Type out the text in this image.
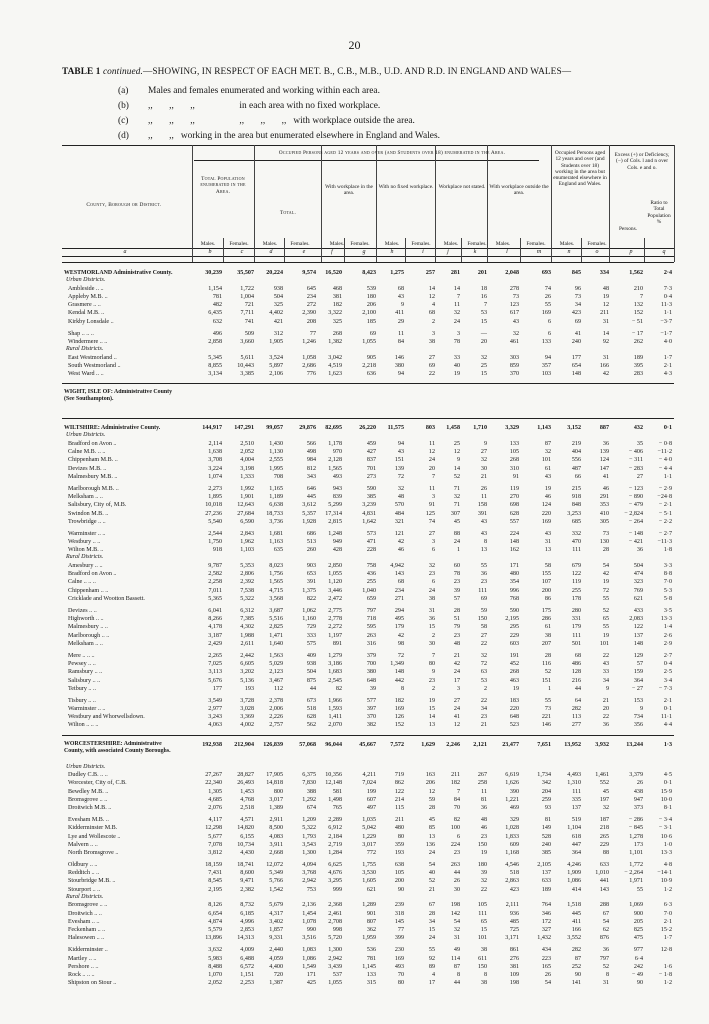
20
TABLE 1 continued.—SHOWING, IN RESPECT OF EACH MET. B., C.B., M.B., U.D. AND R.D. IN ENGLAND AND WALES—
(a) Males and females enumerated and working within each area.
(b) ,,       ,,       ,,                   in each area with no fixed workplace.
(c) ,,       ,,       ,,                   ,,       ,,       ,,   with workplace outside the area.
(d) ,,       ,,   working in the area but enumerated elsewhere in England and Wales.
WESTMORLAND Administrative County.	30,239	35,507	20,224	9,574	16,520	8,423	1,275	257	281	201	2,048	693	845	334	1,562	2·4
Urban Districts.
Ambleside .. ..	1,154	1,722	938	645	468	539	68	14	14	18	278	74	96	48	210	7·3
Appleby M.B. ..	781	1,004	504	234	381	180	43	12	7	16	73	26	73	19	7	0·4
Grasmere .. ..	482	721	325	272	182	206	9	4	11	7	123	55	34	12	132	11·3
Kendal M.B. ..	6,435	7,711	4,402	2,390	3,322	2,100	411	68	32	53	617	169	423	211	152	1·1
Kirkby Lonsdale ..	632	741	421	208	325	185	29	2	24	15	43	6	69	31	− 51	−3·7
Shap .. .. ..	496	509	312	77	268	69	11	3	3	—	32	6	41	14	− 17	−1·7
Windermere .. ..	2,858	3,660	1,905	1,246	1,382	1,055	84	38	78	20	461	133	240	92	262	4·0
Rural Districts.
East Westmorland ..	5,345	5,611	3,524	1,058	3,042	905	146	27	33	32	303	94	177	31	189	1·7
South Westmorland ..	8,855	10,443	5,897	2,686	4,519	2,218	380	69	40	25	859	357	654	166	395	2·1
West Ward .. ..	3,134	3,385	2,106	776	1,623	636	94	22	19	15	370	103	148	42	283	4·3
WIGHT, ISLE OF: Administrative County (See Southampton).
WILTSHIRE: Administrative County.	144,917	147,291	99,057	29,876	82,695	26,220	11,575	803	1,458	1,710	3,329	1,143	3,152	887	432	0·1
Urban Districts.
Bradford on Avon ..	2,114	2,510	1,430	566	1,178	459	94	11	25	9	133	87	219	36	35	− 0·8
Calne M.B. .. ..	1,638	2,052	1,130	498	970	427	43	12	12	27	105	32	404	139	− 406	−11·2
Chippenham M.B. ..	3,708	4,004	2,555	984	2,128	837	151	24	9	32	268	101	556	124	− 311	− 4·0
Devizes M.B. ..	3,224	3,198	1,995	812	1,565	701	139	20	14	30	310	61	487	147	− 283	− 4·4
Malmesbury M.B. ..	1,074	1,333	708	343	493	273	72	7	52	21	91	43	66	41	27	1·1
Marlborough M.B. ..	2,273	1,992	1,165	646	943	590	32	11	71	26	119	19	215	46	− 123	− 2·9
Melksham .. ..	1,895	1,901	1,189	445	839	385	48	3	32	11	270	46	918	291	− 890	−24·8
Salisbury, City of, M.B.	10,018	12,643	6,638	3,612	5,299	3,239	570	91	71	158	698	124	848	353	− 479	− 2·1
Swindon M.B. ..	27,236	27,684	18,733	5,357	17,314	4,831	484	125	307	391	628	220	3,253	410	− 2,824	− 5·1
Trowbridge .. ..	5,540	6,590	3,736	1,928	2,815	1,642	321	74	45	43	557	169	685	305	− 264	− 2·2
Warminster .. ..	2,544	2,843	1,681	686	1,248	573	121	27	88	43	224	43	332	73	− 148	− 2·7
Westbury .. ..	1,750	1,962	1,163	513	949	471	42	3	24	8	148	31	470	130	− 421	−11·3
Wilton M.B. ..	918	1,103	635	260	428	228	46	6	1	13	162	13	111	28	36	1·8
Rural Districts.
Amesbury .. ..	9,787	5,353	8,023	903	2,850	758	4,942	32	60	55	171	58	679	54	504	3·3
Bradford on Avon ..	2,582	2,806	1,756	653	1,055	436	143	23	78	36	480	155	122	42	474	8·8
Calne .. .. ..	2,258	2,392	1,565	391	1,120	255	68	6	23	23	354	107	119	19	323	7·0
Chippenham .. ..	7,011	7,538	4,715	1,375	3,446	1,040	234	24	39	111	996	200	255	72	769	5·3
Cricklade and Wootton Bassett.	5,365	5,322	3,568	822	2,472	659	271	38	57	69	768	86	178	55	621	5·8
Devizes .. ..	6,041	6,312	3,687	1,062	2,775	797	294	31	28	59	590	175	280	52	433	3·5
Highworth .. ..	8,266	7,385	5,516	1,160	2,778	718	495	36	51	150	2,195	286	331	65	2,083	13·3
Malmesbury .. ..	4,178	4,302	2,825	729	2,272	595	179	15	79	58	295	61	179	55	122	1·4
Marlborough .. ..	3,187	1,988	1,471	333	1,197	263	42	2	23	27	229	38	111	19	137	2·6
Melksham .. ..	2,429	2,611	1,640	575	891	316	98	30	48	22	603	207	501	101	148	2·9
Mere .. .. ..	2,265	2,442	1,563	409	1,279	379	72	7	21	32	191	28	68	22	129	2·7
Pewsey .. ..	7,025	6,605	5,029	938	3,186	700	1,349	80	42	72	452	116	486	43	57	0·4
Ramsbury .. ..	3,113	3,202	2,123	504	1,683	380	148	9	24	63	268	52	128	33	159	2·5
Salisbury .. ..	5,676	5,136	3,467	875	2,545	648	442	23	17	53	463	151	216	34	364	3·4
Tetbury .. ..	177	193	112	44	82	39	8	2	3	2	19	1	44	9	− 27	− 7·3
Tisbury .. ..	3,549	3,728	2,378	673	1,966	577	182	19	27	22	183	55	64	21	153	2·1
Warminster .. ..	2,977	3,028	2,006	518	1,593	397	169	15	24	34	220	73	282	20	9	0·1
Westbury and Whorwellsdown.	3,243	3,369	2,226	628	1,411	370	126	14	41	23	648	221	113	22	734	11·1
Wilton .. .. ..	4,063	4,002	2,757	562	2,070	382	152	13	12	21	523	146	277	36	356	4·4
WORCESTERSHIRE: Administrative County, with associated County Boroughs.
192,938	212,904	126,839	57,068	96,044	45,667	7,572	1,629	2,246	2,121	23,477	7,651	13,952	3,932	13,244	1·3
Urban Districts.
Dudley C.B. .. ..	27,267	28,827	17,905	6,375	10,356	4,211	719	163	211	267	6,619	1,734	4,493	1,461	3,379	4·5
Worcester, City of, C.B.	22,340	26,493	14,818	7,830	12,148	7,024	862	206	182	258	1,626	342	1,310	552	26	0·1
Bewdley M.B. ..	1,305	1,453	800	388	581	199	122	12	7	11	390	204	111	45	438	15·9
Bromsgrove .. ..	4,685	4,768	3,017	1,292	1,498	607	214	59	84	81	1,221	259	335	197	947	10·0
Droitwich M.B. ..	2,076	2,518	1,389	674	765	497	115	28	70	36	469	93	137	32	373	8·1
Evesham M.B. ..	4,117	4,571	2,911	1,209	2,289	1,035	211	45	82	48	329	81	519	187	− 286	− 3·4
Kidderminster M.B.	12,298	14,820	8,500	5,322	6,912	5,042	480	85	100	46	1,028	149	1,104	218	− 845	− 3·1
Lye and Wollescote ..	5,677	6,155	4,083	1,793	2,184	1,229	80	13	6	23	1,833	528	618	265	1,278	10·6
Malvern .. ..	7,078	10,734	3,911	3,543	2,719	3,017	359	136	224	150	609	240	447	229	173	1·0
North Bromsgrove ..	3,812	4,430	2,668	1,300	1,284	772	193	24	23	19	1,168	385	364	88	1,101	13·3
Oldbury .. ..	18,159	18,741	12,072	4,094	6,625	1,755	638	54	263	180	4,546	2,105	4,246	633	1,772	4·8
Redditch .. ..	7,431	8,600	5,349	3,768	4,676	3,530	105	40	44	39	518	137	1,909	1,010	− 2,264	−14·1
Stourbridge M.B. ..	8,545	9,471	5,766	2,942	3,295	1,605	200	52	26	32	2,863	633	1,086	441	1,971	10·9
Stourport .. ..	2,195	2,382	1,542	753	999	621	90	21	30	22	423	189	414	143	55	1·2
Rural Districts.
Bromsgrove .. ..	8,126	8,732	5,679	2,136	2,368	1,289	239	67	198	105	2,111	764	1,518	288	1,069	6·3
Droitwich .. ..	6,654	6,185	4,317	1,454	2,461	901	318	28	142	111	936	346	445	67	900	7·0
Evesham .. ..	4,874	4,996	3,402	1,078	2,708	807	145	34	54	65	485	172	411	54	205	2·1
Feckenham .. ..	5,579	2,853	1,857	990	998	362	77	15	32	15	725	327	166	62	825	15·2
Halesowen .. ..	13,896	14,313	9,331	3,516	5,720	1,959	399	24	31	101	3,171	1,432	3,552	876	475	1·7
Kidderminster ..	3,632	4,009	2,440	1,083	1,300	536	230	55	49	38	861	434	282	36	977	12·8
Martley .. ..	5,983	6,488	4,059	1,086	2,942	781	169	92	114	611	276	223	87	797	6·4
Pershore .. ..	8,488	6,572	4,400	1,549	3,439	1,145	493	89	87	150	381	165	252	52	242	1·6
Rock .. .. ..	1,070	1,151	720	171	537	133	70	4	8	8	109	26	90	8	− 49	− 1·8
Shipston on Stour ..	2,052	2,253	1,387	425	1,055	315	80	17	44	38	198	54	141	31	90	1·2
County, Borough or District.
Total Population enumerated in the Area.
Occupied Persons aged 12 years and over (and Students over 18) enumerated in the Area.	Occupied Persons aged 12 years and over (and Students over 18) working in the area but enumerated elsewhere in England and Wales.
Excess (+) or Deficiency, (−) of Cols. l and n over Cols. e and o.
Total.
With workplace in the area.
With no fixed workplace. Workplace not stated. With workplace outside the area.
Persons.
Ratio to Total Population %
Males.	Females.	Males.	Females.	Males.	Females.	Males.	Females.	Males.	Females.	Males.	Females.	Males.	Females.
a	b	c	d	e	f	g	h	i	j	k	l	m	n	o	p	q
